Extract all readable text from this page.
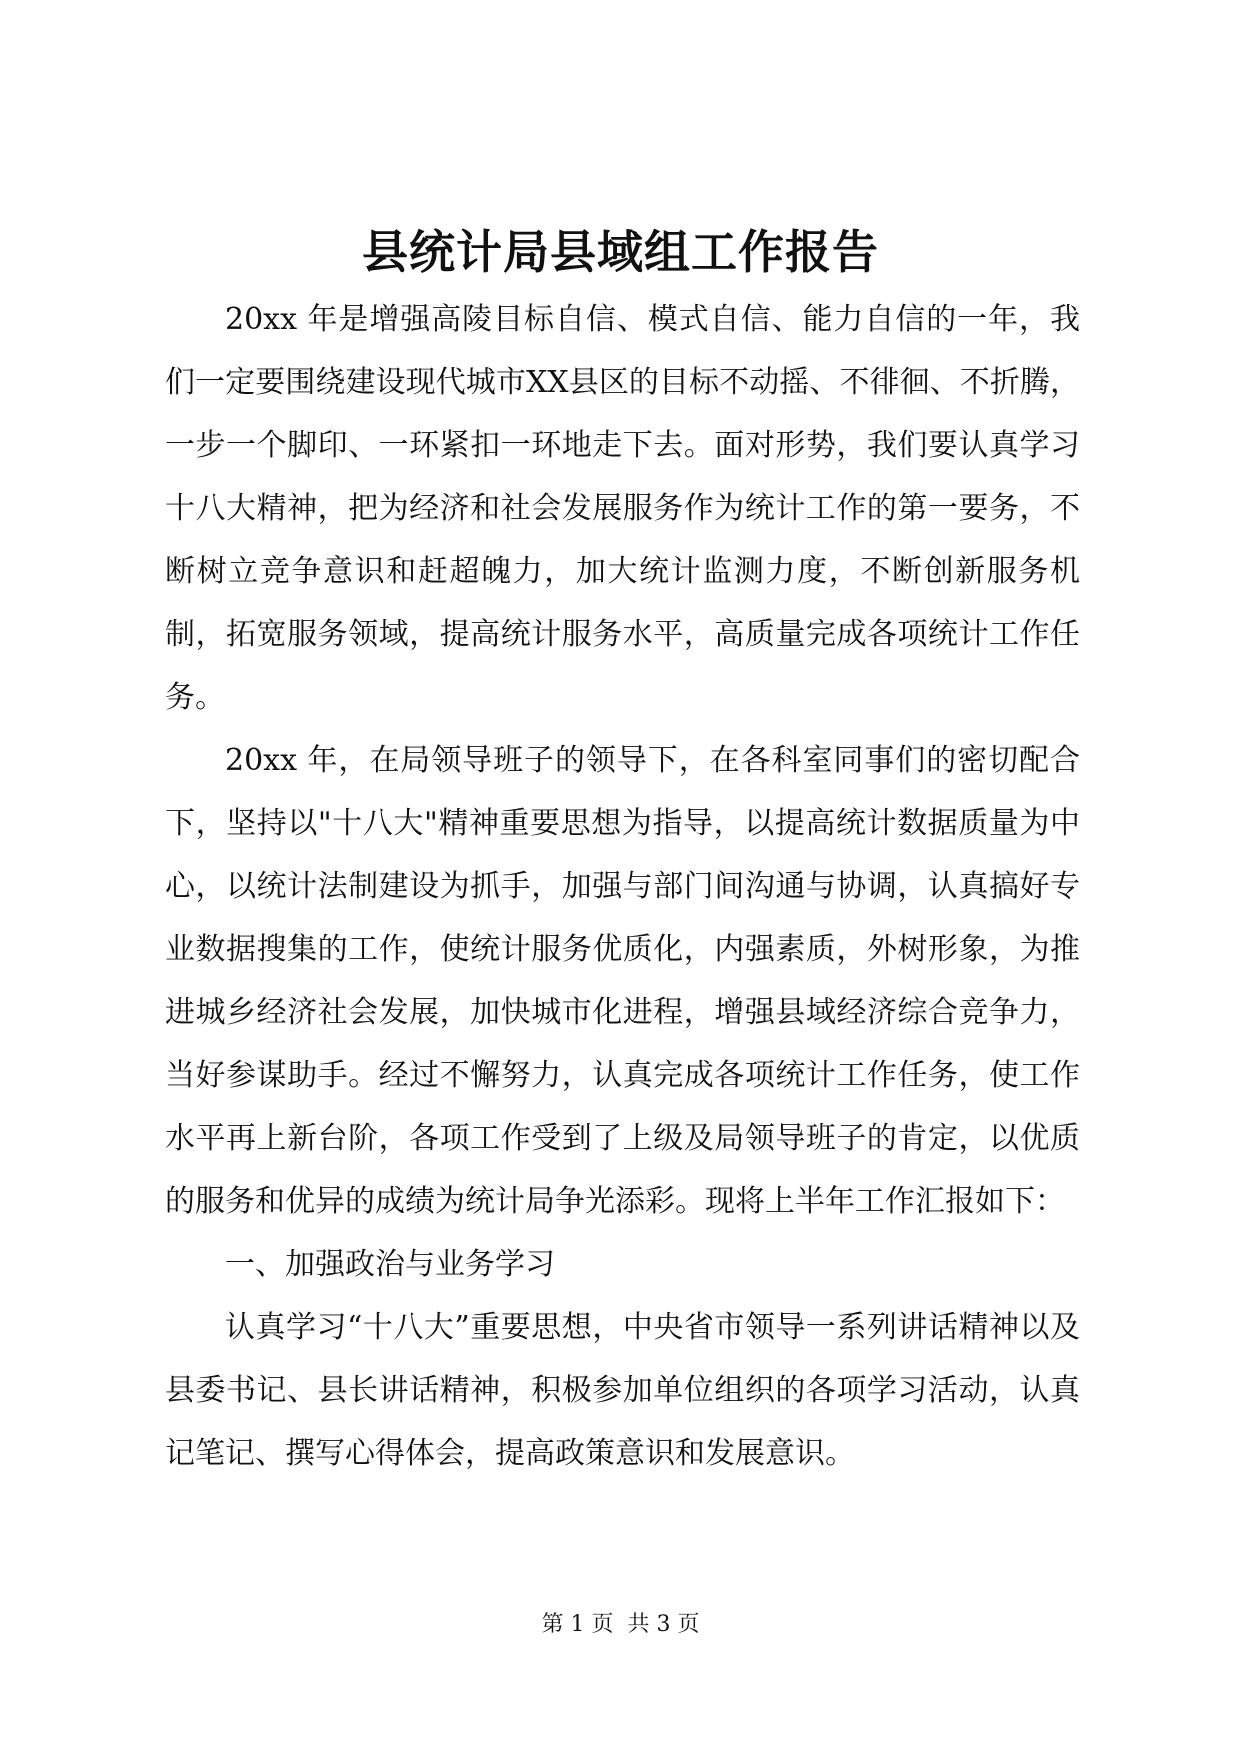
县统计局县域组工作报告

20xx 年是增强高陵目标自信、模式自信、能力自信的一年，我们一定要围绕建设现代城市XX县区的目标不动摇、不徘徊、不折腾，一步一个脚印、一环紧扣一环地走下去。面对形势，我们要认真学习十八大精神，把为经济和社会发展服务作为统计工作的第一要务，不断树立竞争意识和赶超魄力，加大统计监测力度，不断创新服务机制，拓宽服务领域，提高统计服务水平，高质量完成各项统计工作任务。

20xx 年，在局领导班子的领导下，在各科室同事们的密切配合下，坚持以"十八大"精神重要思想为指导，以提高统计数据质量为中心，以统计法制建设为抓手，加强与部门间沟通与协调，认真搞好专业数据搜集的工作，使统计服务优质化，内强素质，外树形象，为推进城乡经济社会发展，加快城市化进程，增强县域经济综合竞争力，当好参谋助手。经过不懈努力，认真完成各项统计工作任务，使工作水平再上新台阶，各项工作受到了上级及局领导班子的肯定，以优质的服务和优异的成绩为统计局争光添彩。现将上半年工作汇报如下：

一、加强政治与业务学习

认真学习“十八大”重要思想，中央省市领导一系列讲话精神以及县委书记、县长讲话精神，积极参加单位组织的各项学习活动，认真记笔记、撰写心得体会，提高政策意识和发展意识。

第 1 页  共 3 页
